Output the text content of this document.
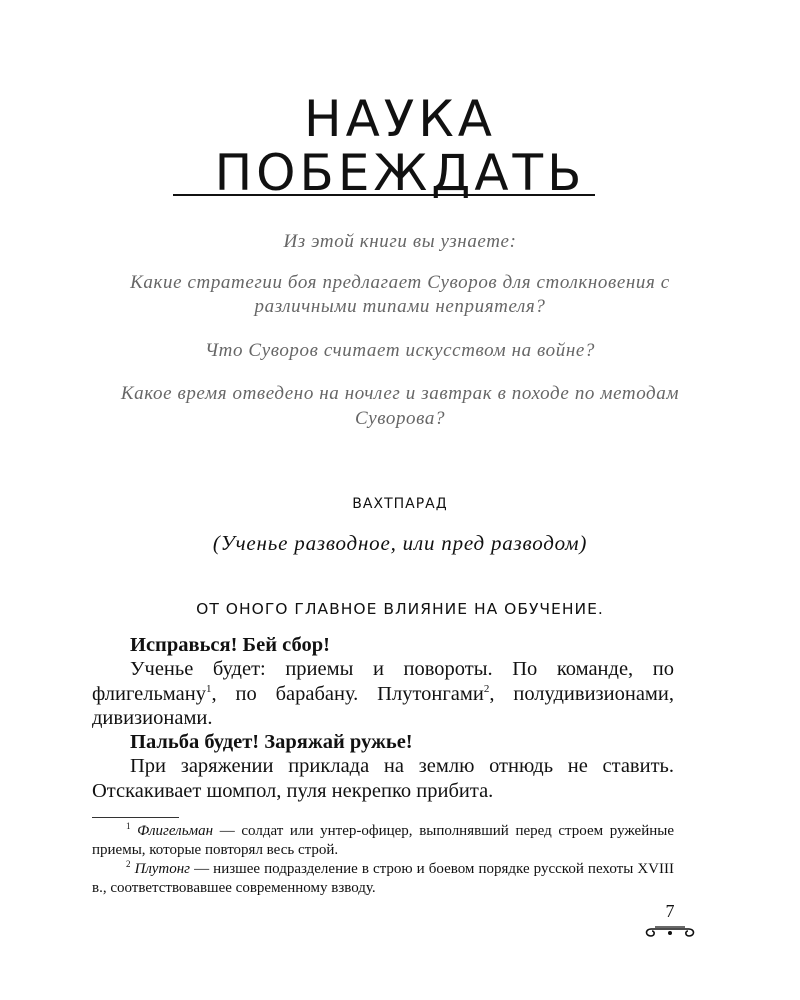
НАУКА
ПОБЕЖДАТЬ

Из этой книги вы узнаете:

Какие стратегии боя предлагает Суворов для столкновения с различными типами неприятеля?

Что Суворов считает искусством на войне?

Какое время отведено на ночлег и завтрак в походе по методам Суворова?

ВАХТПАРАД
(Ученье разводное, или пред разводом)
ОТ ОНОГО ГЛАВНОЕ ВЛИЯНИЕ НА ОБУЧЕНИЕ.

Исправься! Бей сбор!

Ученье будет: приемы и повороты. По команде, по флигельману$^1$, по барабану. Плутонгами$^2$, полудивизионами, дивизионами.

Пальба будет! Заряжай ружье!

При заряжении приклада на землю отнюдь не ставить. Отскакивает шомпол, пуля некрепко прибита.

$^1$ Флигельман — солдат или унтер-офицер, выполнявший перед строем ружейные приемы, которые повторял весь строй.

$^2$ Плутонг — низшее подразделение в строю и боевом порядке русской пехоты XVIII в., соответствовавшее современному взводу.

7
